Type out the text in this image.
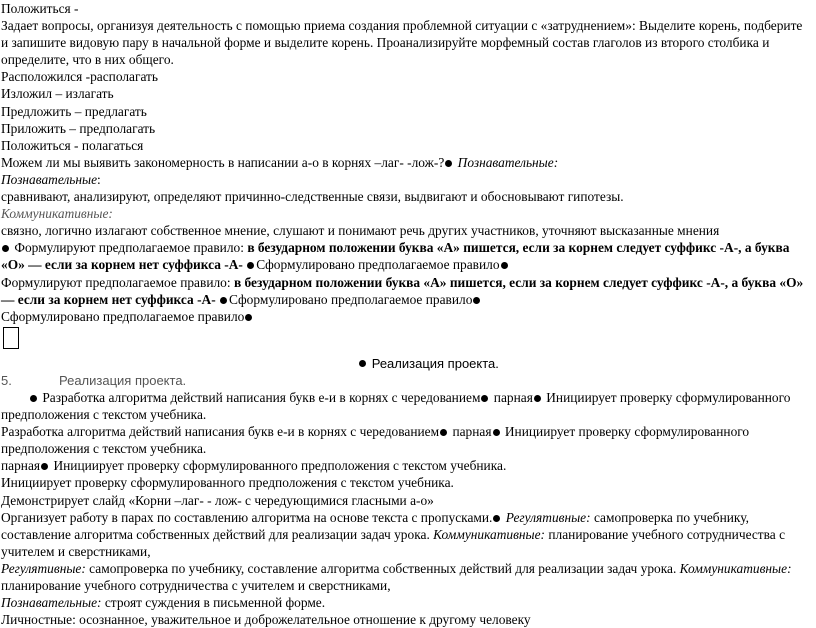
Положиться -
Задает вопросы, организуя деятельность с помощью приема создания проблемной ситуации с «затруднением»: Выделите корень, подберите и запишите видовую пару в начальной форме и выделите корень. Проанализируйте морфемный состав глаголов из второго столбика и определите, что в них общего.
Расположился -располагать
Изложил – излагать
Предложить – предлагать
Приложить – предполагать
Положиться - полагаться
Можем ли мы выявить закономерность в написании а-о в корнях –лаг- -лож-? Познавательные:
Познавательные:
сравнивают, анализируют, определяют причинно-следственные связи, выдвигают и обосновывают гипотезы.
Коммуникативные:
связно, логично излагают собственное мнение, слушают и понимают речь других участников, уточняют высказанные мнения
Формулируют предполагаемое правило: в безударном положении буква «А» пишется, если за корнем следует суффикс -А-, а буква «О» — если за корнем нет суффикса -А- Сформулировано предполагаемое правило
Формулируют предполагаемое правило: в безударном положении буква «А» пишется, если за корнем следует суффикс -А-, а буква «О» — если за корнем нет суффикса -А- Сформулировано предполагаемое правило
Сформулировано предполагаемое правило
Реализация проекта.
5.	Реализация проекта.
Разработка алгоритма действий написания букв е-и в корнях с чередованием парная Инициирует проверку сформулированного предположения с текстом учебника.
Разработка алгоритма действий написания букв е-и в корнях с чередованием парная Инициирует проверку сформулированного предположения с текстом учебника.
парная Инициирует проверку сформулированного предположения с текстом учебника.
Инициирует проверку сформулированного предположения с текстом учебника.
Демонстрирует слайд «Корни –лаг- - лож- с чередующимися гласными а-о»
Организует работу в парах по составлению алгоритма на основе текста с пропусками. Регулятивные: самопроверка по учебнику, составление алгоритма собственных действий для реализации задач урока. Коммуникативные: планирование учебного сотрудничества с учителем и сверстниками,
Регулятивные: самопроверка по учебнику, составление алгоритма собственных действий для реализации задач урока. Коммуникативные: планирование учебного сотрудничества с учителем и сверстниками,
Познавательные: строят суждения в письменной форме.
Личностные: осознанное, уважительное и доброжелательное отношение к другому человеку
